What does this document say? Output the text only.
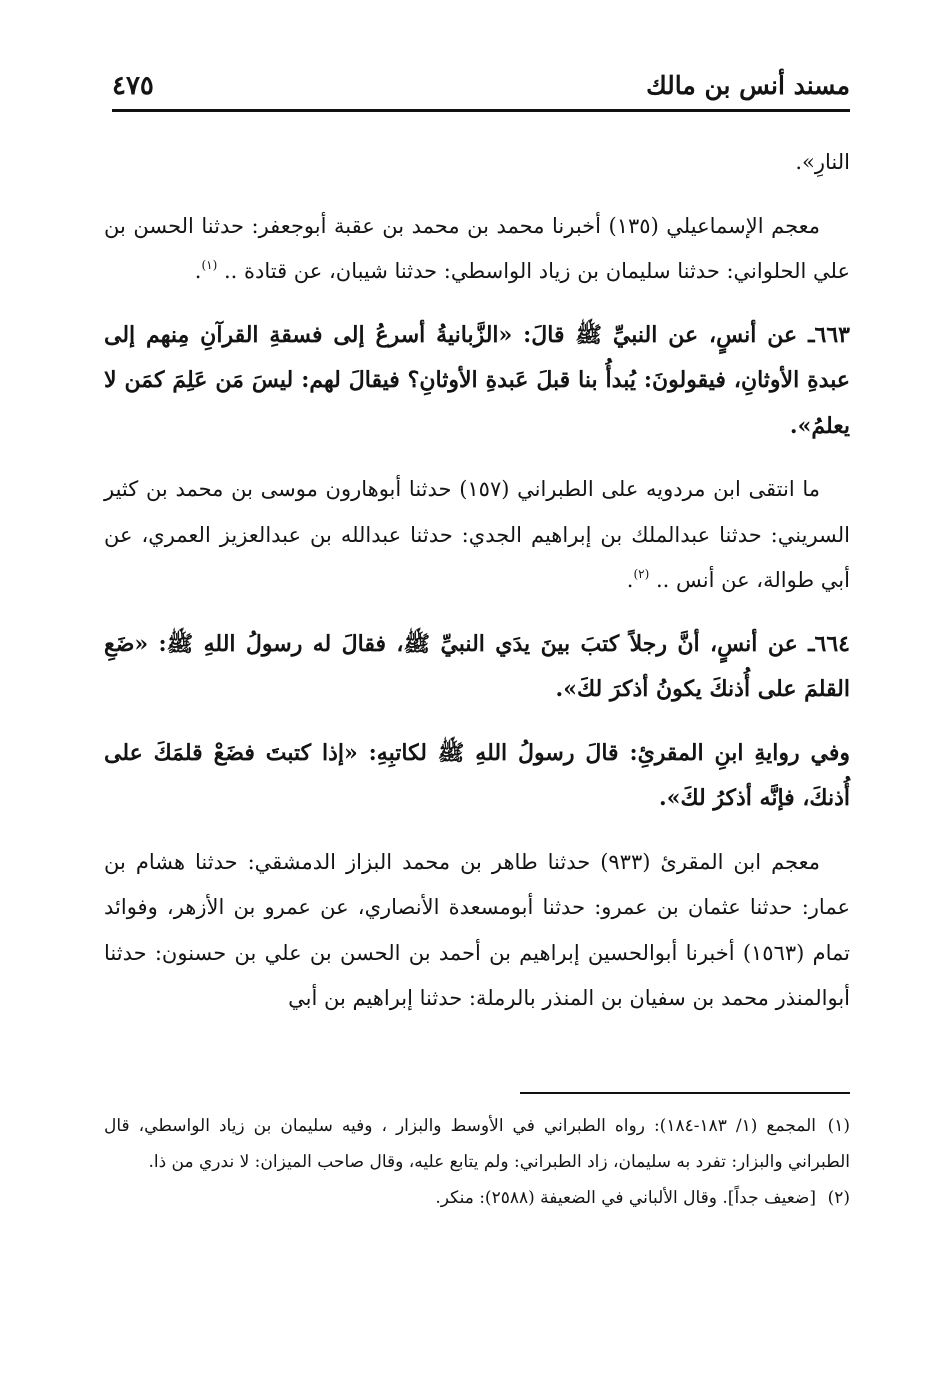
مسند أنس بن مالك
٤٧٥

النارِ».

معجم الإسماعيلي (١٣٥) أخبرنا محمد بن محمد بن عقبة أبوجعفر: حدثنا الحسن بن علي الحلواني: حدثنا سليمان بن زياد الواسطي: حدثنا شيبان، عن قتادة .. $^{(١)}$.

٦٦٣ـ عن أنسٍ، عن النبيِّ ﷺ قالَ: «الزَّبانيةُ أسرعُ إلى فسقةِ القرآنِ مِنهم إلى عبدةِ الأوثانِ، فيقولونَ: يُبدأُ بنا قبلَ عَبدةِ الأوثانِ؟ فيقالَ لهم: ليسَ مَن عَلِمَ كمَن لا يعلمُ».

ما انتقى ابن مردويه على الطبراني (١٥٧) حدثنا أبوهارون موسى بن محمد بن كثير السريني: حدثنا عبدالملك بن إبراهيم الجدي: حدثنا عبدالله بن عبدالعزيز العمري، عن أبي طوالة، عن أنس .. $^{(٢)}$.

٦٦٤ـ عن أنسٍ، أنَّ رجلاً كتبَ بينَ يدَي النبيِّ ﷺ، فقالَ له رسولُ اللهِ ﷺ: «ضَعِ القلمَ على أُذنكَ يكونُ أذكرَ لكَ».

وفي روايةِ ابنِ المقرئِ: قالَ رسولُ اللهِ ﷺ لكاتبِهِ: «إذا كتبتَ فضَعْ قلمَكَ على أُذنكَ، فإنَّه أذكرُ لكَ».

معجم ابن المقرئ (٩٣٣) حدثنا طاهر بن محمد البزاز الدمشقي: حدثنا هشام بن عمار: حدثنا عثمان بن عمرو: حدثنا أبومسعدة الأنصاري، عن عمرو بن الأزهر، وفوائد تمام (١٥٦٣) أخبرنا أبوالحسين إبراهيم بن أحمد بن الحسن بن علي بن حسنون: حدثنا أبوالمنذر محمد بن سفيان بن المنذر بالرملة: حدثنا إبراهيم بن أبي

(١)المجمع (١/ ١٨٣-١٨٤): رواه الطبراني في الأوسط والبزار ، وفيه سليمان بن زياد الواسطي، قال الطبراني والبزار: تفرد به سليمان، زاد الطبراني: ولم يتابع عليه، وقال صاحب الميزان: لا ندري من ذا.

(٢)[ضعيف جداً]. وقال الألباني في الضعيفة (٢٥٨٨): منكر.
